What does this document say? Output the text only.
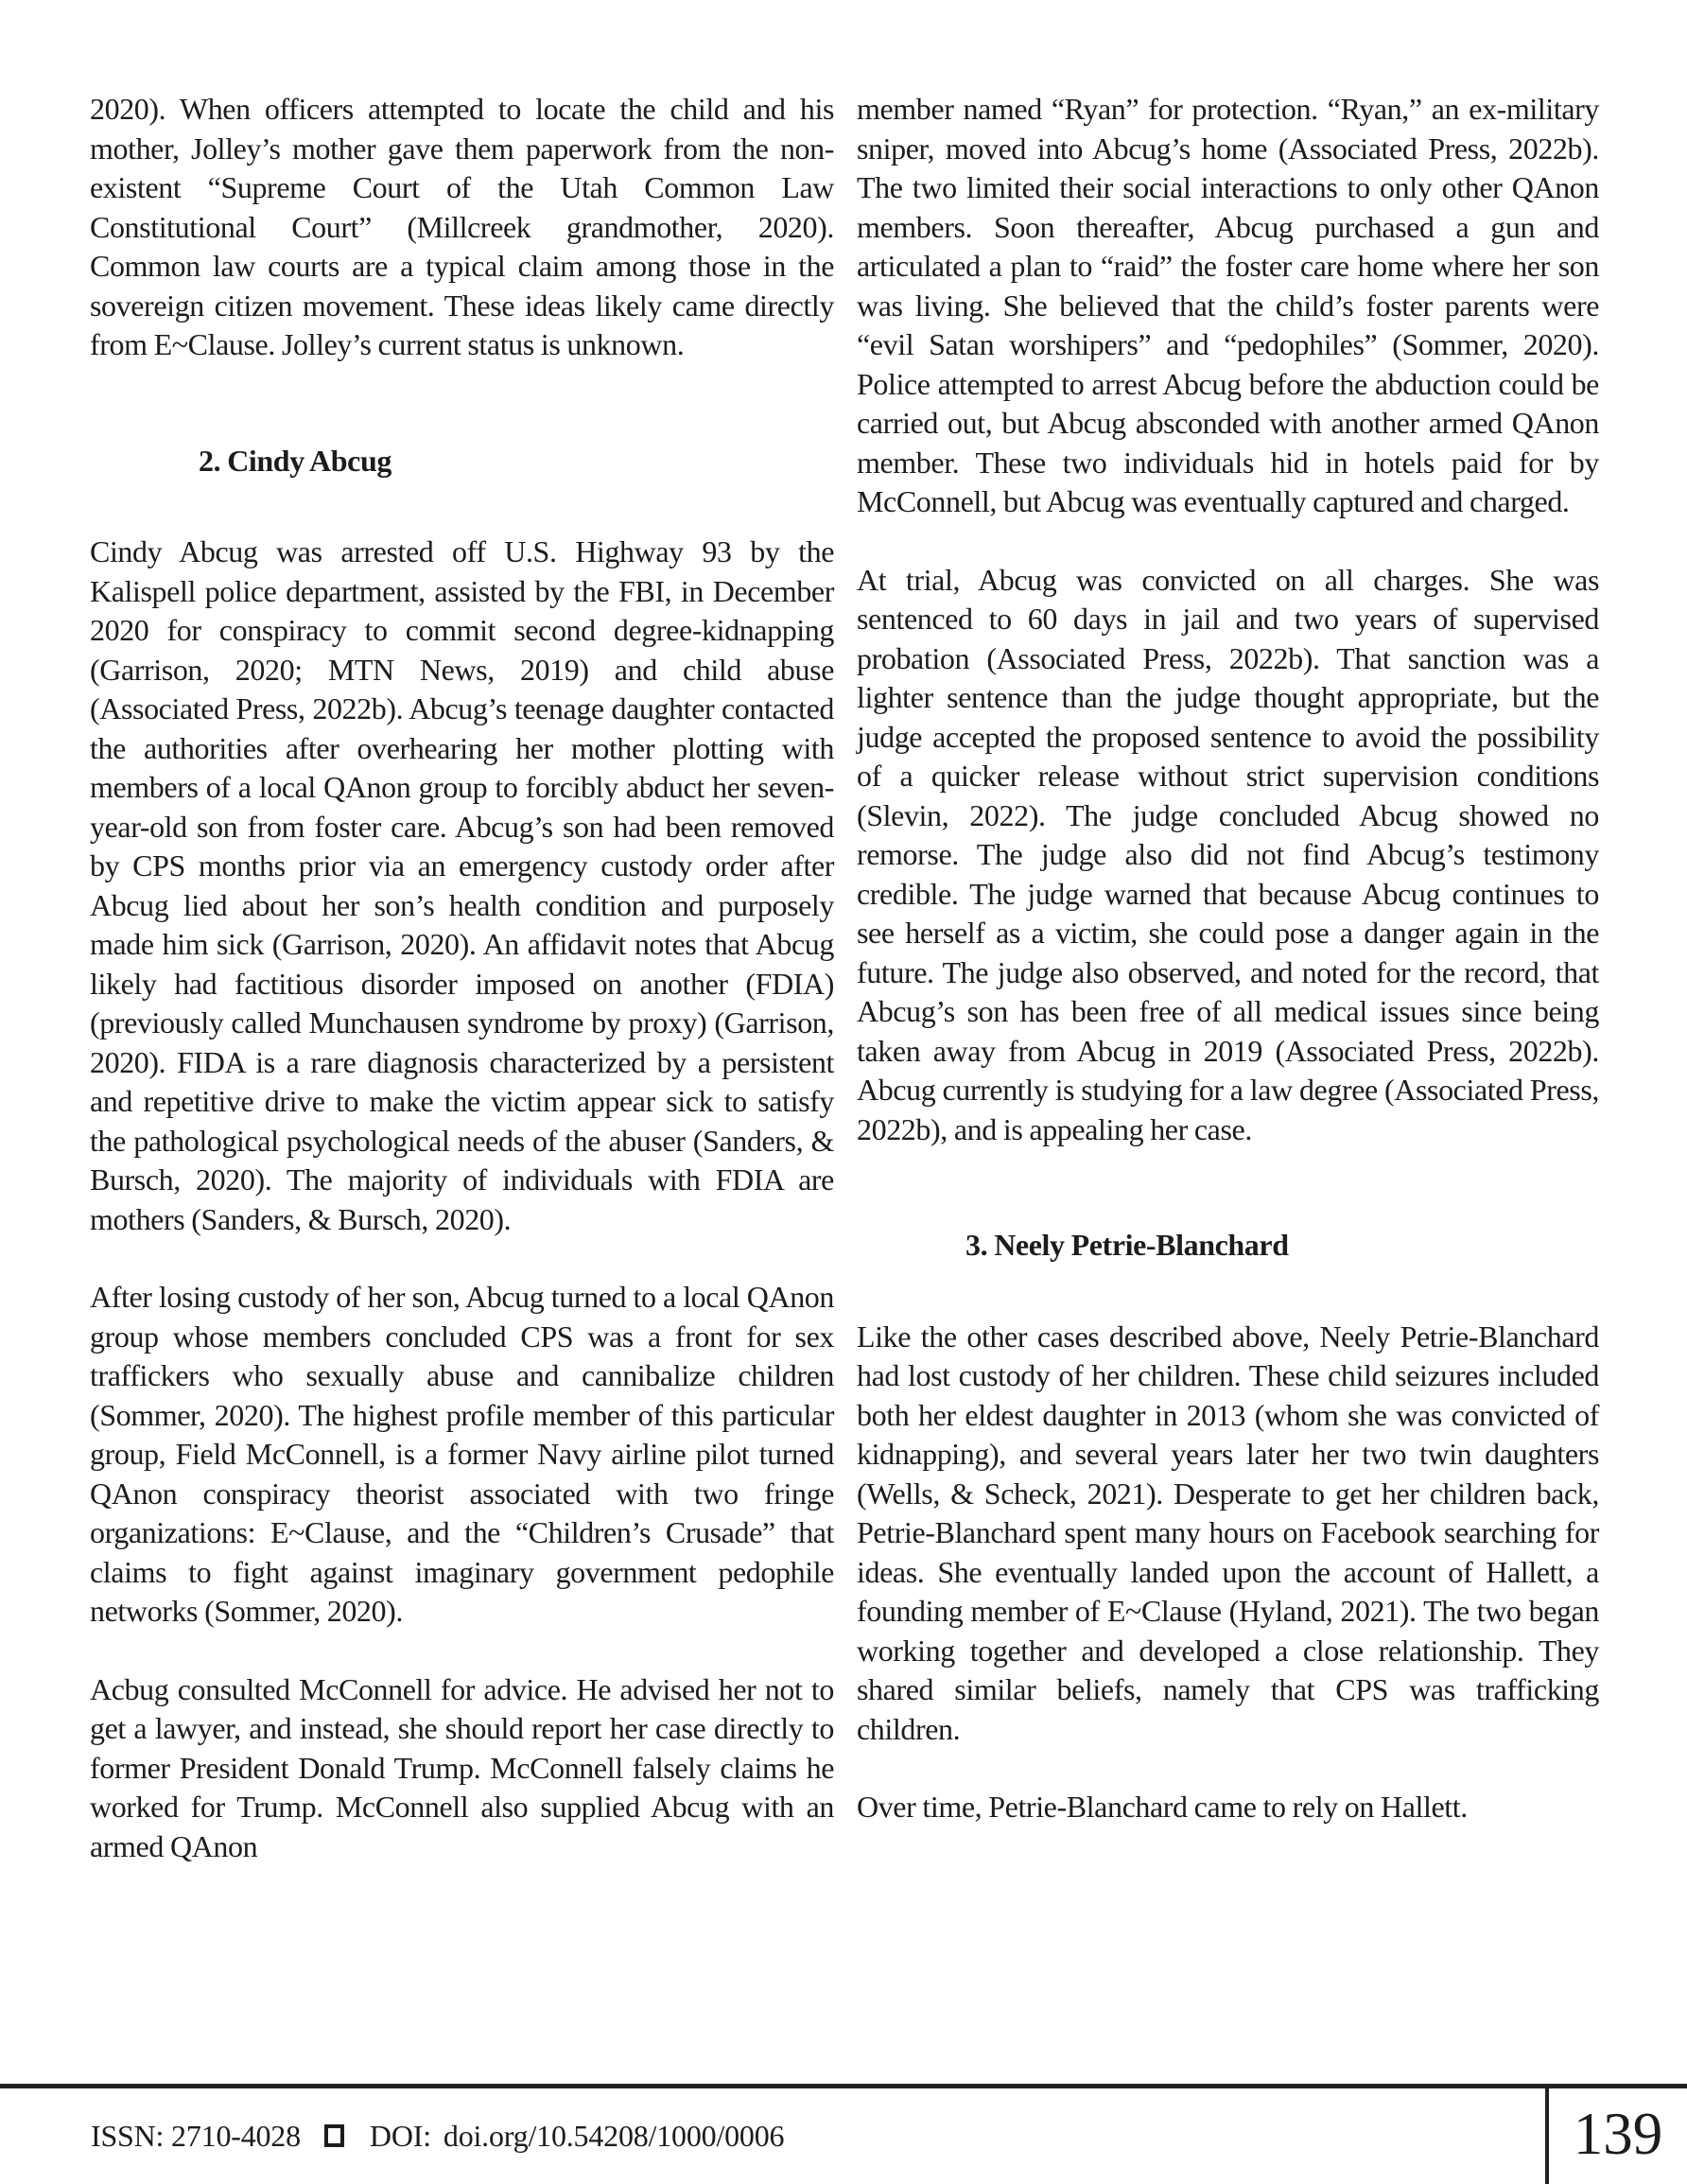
2020). When officers attempted to locate the child and his mother, Jolley’s mother gave them paperwork from the non-existent “Supreme Court of the Utah Common Law Constitutional Court” (Millcreek grandmother, 2020). Common law courts are a typical claim among those in the sovereign citizen movement. These ideas likely came directly from E~Clause. Jolley’s current status is unknown.

2. Cindy Abcug

Cindy Abcug was arrested off U.S. Highway 93 by the Kalispell police department, assisted by the FBI, in December 2020 for conspiracy to commit second degree-kidnapping (Garrison, 2020; MTN News, 2019) and child abuse (Associated Press, 2022b). Abcug’s teenage daughter contacted the authorities after overhearing her mother plotting with members of a local QAnon group to forcibly abduct her seven-year-old son from foster care. Abcug’s son had been removed by CPS months prior via an emergency custody order after Abcug lied about her son’s health condition and purposely made him sick (Garrison, 2020). An affidavit notes that Abcug likely had factitious disorder imposed on another (FDIA) (previously called Munchausen syndrome by proxy) (Garrison, 2020). FIDA is a rare diagnosis characterized by a persistent and repetitive drive to make the victim appear sick to satisfy the pathological psychological needs of the abuser (Sanders, & Bursch, 2020). The majority of individuals with FDIA are mothers (Sanders, & Bursch, 2020).

After losing custody of her son, Abcug turned to a local QAnon group whose members concluded CPS was a front for sex traffickers who sexually abuse and cannibalize children (Sommer, 2020). The highest profile member of this particular group, Field McConnell, is a former Navy airline pilot turned QAnon conspiracy theorist associated with two fringe organizations: E~Clause, and the “Children’s Crusade” that claims to fight against imaginary government pedophile networks (Sommer, 2020).

Acbug consulted McConnell for advice. He advised her not to get a lawyer, and instead, she should report her case directly to former President Donald Trump. McConnell falsely claims he worked for Trump. McConnell also supplied Abcug with an armed QAnon

member named “Ryan” for protection. “Ryan,” an ex-military sniper, moved into Abcug’s home (Associated Press, 2022b). The two limited their social interactions to only other QAnon members. Soon thereafter, Abcug purchased a gun and articulated a plan to “raid” the foster care home where her son was living. She believed that the child’s foster parents were “evil Satan worshipers” and “pedophiles” (Sommer, 2020). Police attempted to arrest Abcug before the abduction could be carried out, but Abcug absconded with another armed QAnon member. These two individuals hid in hotels paid for by McConnell, but Abcug was eventually captured and charged.

At trial, Abcug was convicted on all charges. She was sentenced to 60 days in jail and two years of supervised probation (Associated Press, 2022b). That sanction was a lighter sentence than the judge thought appropriate, but the judge accepted the proposed sentence to avoid the possibility of a quicker release without strict supervision conditions (Slevin, 2022). The judge concluded Abcug showed no remorse. The judge also did not find Abcug’s testimony credible. The judge warned that because Abcug continues to see herself as a victim, she could pose a danger again in the future. The judge also observed, and noted for the record, that Abcug’s son has been free of all medical issues since being taken away from Abcug in 2019 (Associated Press, 2022b). Abcug currently is studying for a law degree (Associated Press, 2022b), and is appealing her case.

3. Neely Petrie-Blanchard

Like the other cases described above, Neely Petrie-Blanchard had lost custody of her children. These child seizures included both her eldest daughter in 2013 (whom she was convicted of kidnapping), and several years later her two twin daughters (Wells, & Scheck, 2021). Desperate to get her children back, Petrie-Blanchard spent many hours on Facebook searching for ideas. She eventually landed upon the account of Hallett, a founding member of E~Clause (Hyland, 2021). The two began working together and developed a close relationship. They shared similar beliefs, namely that CPS was trafficking children.

Over time, Petrie-Blanchard came to rely on Hallett.

ISSN: 2710-4028 DOI: doi.org/10.54208/1000/0006	139
